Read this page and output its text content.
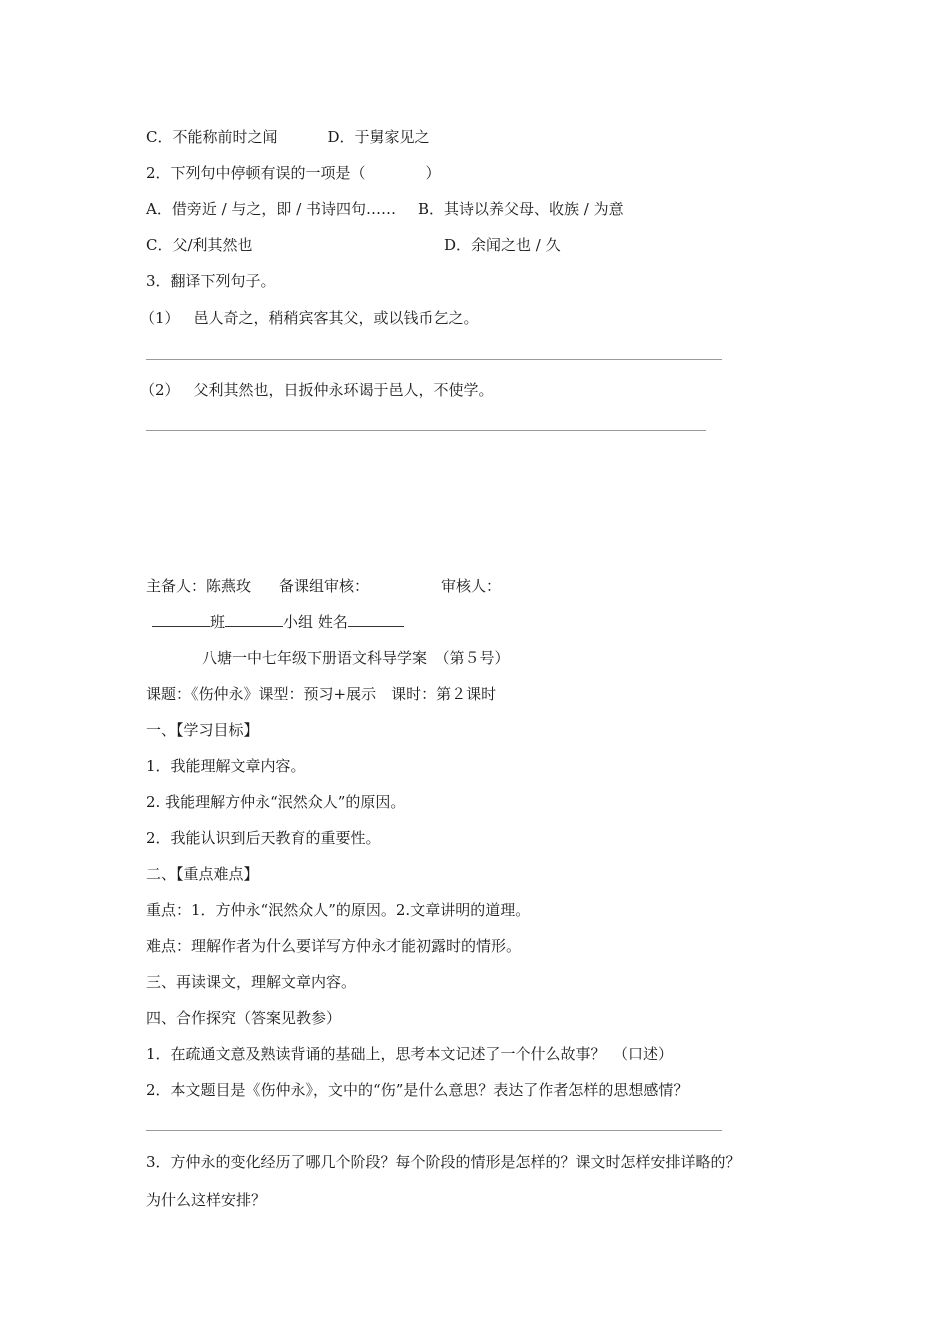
C．不能称前时之闻	D．于舅家见之
2．下列句中停顿有误的一项是（　　　　）
A．借旁近 / 与之，即 / 书诗四句…… B．其诗以养父母、收族 / 为意
C．父/利其然也	D．余闻之也 / 久
3．翻译下列句子。
（1） 邑人奇之，稍稍宾客其父，或以钱币乞之。
（2） 父利其然也，日扳仲永环谒于邑人，不使学。
主备人：陈燕玫 备课组审核：	审核人：
班	小组 姓名
八塘一中七年级下册语文科导学案　（第５号）
课题：《伤仲永》课型：预习+展示　课时：第２课时
一、【学习目标】
1．我能理解文章内容。
2. 我能理解方仲永“泯然众人”的原因。
2．我能认识到后天教育的重要性。
二、【重点难点】
重点：1．方仲永“泯然众人”的原因。2.文章讲明的道理。
难点：理解作者为什么要详写方仲永才能初露时的情形。
三、再读课文，理解文章内容。
四、合作探究（答案见教参）
1．在疏通文意及熟读背诵的基础上，思考本文记述了一个什么故事？　（口述）
2．本文题目是《伤仲永》，文中的“伤”是什么意思？表达了作者怎样的思想感情？
3．方仲永的变化经历了哪几个阶段？每个阶段的情形是怎样的？课文时怎样安排详略的？
为什么这样安排？
